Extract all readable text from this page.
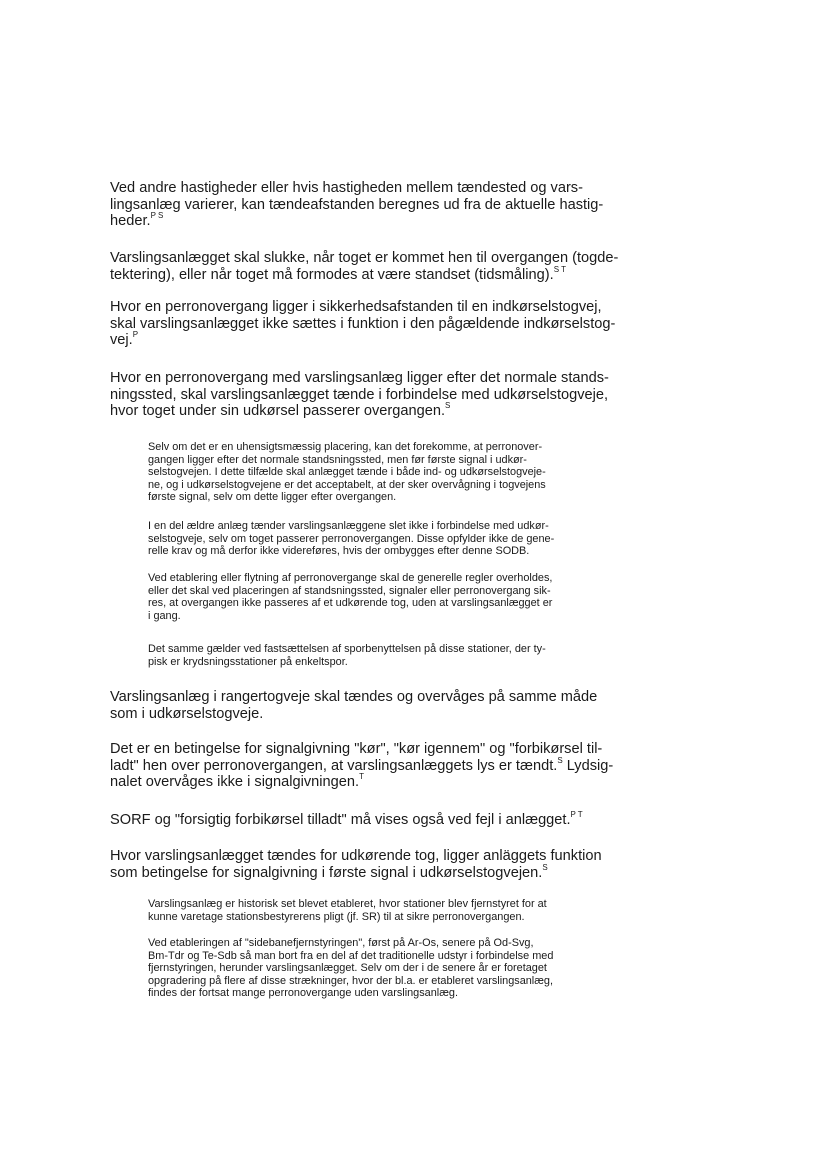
Ved andre hastigheder eller hvis hastigheden mellem tændested og vars-
lingsanlæg varierer, kan tændeafstanden beregnes ud fra de aktuelle hastig-
heder.$^{P S}$

Varslingsanlægget skal slukke, når toget er kommet hen til overgangen (togde-
tektering), eller når toget må formodes at være standset (tidsmåling).$^{S T}$

Hvor en perronovergang ligger i sikkerhedsafstanden til en indkørselstogvej,
skal varslingsanlægget ikke sættes i funktion i den pågældende indkørselstog-
vej.$^P$

Hvor en perronovergang med varslingsanlæg ligger efter det normale stands-
ningssted, skal varslingsanlægget tænde i forbindelse med udkørselstogveje,
hvor toget under sin udkørsel passerer overgangen.$^S$

Selv om det er en uhensigtsmæssig placering, kan det forekomme, at perronover-
gangen ligger efter det normale standsningssted, men før første signal i udkør-
selstogvejen. I dette tilfælde skal anlægget tænde i både ind- og udkørselstogveje-
ne, og i udkørselstogvejene er det acceptabelt, at der sker overvågning i togvejens
første signal, selv om dette ligger efter overgangen.

I en del ældre anlæg tænder varslingsanlæggene slet ikke i forbindelse med udkør-
selstogveje, selv om toget passerer perronovergangen. Disse opfylder ikke de gene-
relle krav og må derfor ikke videreføres, hvis der ombygges efter denne SODB.

Ved etablering eller flytning af perronovergange skal de generelle regler overholdes,
eller det skal ved placeringen af standsningssted, signaler eller perronovergang sik-
res, at overgangen ikke passeres af et udkørende tog, uden at varslingsanlægget er
i gang.

Det samme gælder ved fastsættelsen af sporbenyttelsen på disse stationer, der ty-
pisk er krydsningsstationer på enkeltspor.

Varslingsanlæg i rangertogveje skal tændes og overvåges på samme måde
som i udkørselstogveje.

Det er en betingelse for signalgivning "kør", "kør igennem" og "forbikørsel til-
ladt" hen over perronovergangen, at varslingsanlæggets lys er tændt.$^S$ Lydsig-
nalet overvåges ikke i signalgivningen.$^T$

SORF og "forsigtig forbikørsel tilladt" må vises også ved fejl i anlægget.$^{P T}$

Hvor varslingsanlægget tændes for udkørende tog, ligger anläggets funktion
som betingelse for signalgivning i første signal i udkørselstogvejen.$^S$

Varslingsanlæg er historisk set blevet etableret, hvor stationer blev fjernstyret for at
kunne varetage stationsbestyrerens pligt (jf. SR) til at sikre perronovergangen.

Ved etableringen af "sidebanefjernstyringen", først på Ar-Os, senere på Od-Svg,
Bm-Tdr og Te-Sdb så man bort fra en del af det traditionelle udstyr i forbindelse med
fjernstyringen, herunder varslingsanlægget. Selv om der i de senere år er foretaget
opgradering på flere af disse strækninger, hvor der bl.a. er etableret varslingsanlæg,
findes der fortsat mange perronovergange uden varslingsanlæg.
